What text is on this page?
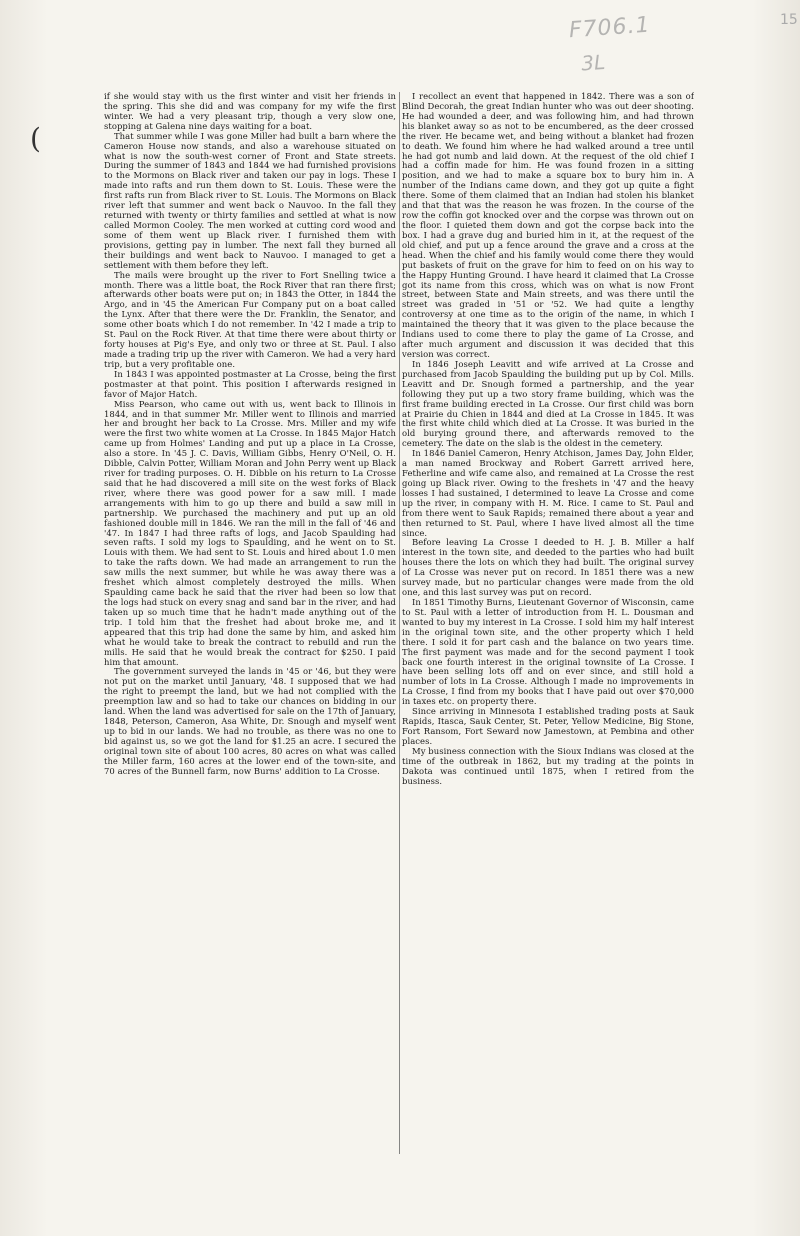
F706.1
3L
15
(

if she would stay with us the first winter and visit her friends in the spring. This she did and was company for my wife the first winter. We had a very pleasant trip, though a very slow one, stopping at Galena nine days waiting for a boat.

That summer while I was gone Miller had built a barn where the Cameron House now stands, and also a warehouse situated on what is now the south-west corner of Front and State streets. During the summer of 1843 and 1844 we had furnished provisions to the Mormons on Black river and taken our pay in logs. These I made into rafts and run them down to St. Louis. These were the first rafts run from Black river to St. Louis. The Mormons on Black river left that summer and went back o Nauvoo. In the fall they returned with twenty or thirty families and settled at what is now called Mormon Cooley. The men worked at cutting cord wood and some of them went up Black river. I furnished them with provisions, getting pay in lumber. The next fall they burned all their buildings and went back to Nauvoo. I managed to get a settlement with them before they left.

The mails were brought up the river to Fort Snelling twice a month. There was a little boat, the Rock River that ran there first; afterwards other boats were put on; in 1843 the Otter, in 1844 the Argo, and in '45 the American Fur Company put on a boat called the Lynx. After that there were the Dr. Franklin, the Senator, and some other boats which I do not remember. In '42 I made a trip to St. Paul on the Rock River. At that time there were about thirty or forty houses at Pig's Eye, and only two or three at St. Paul. I also made a trading trip up the river with Cameron. We had a very hard trip, but a very profitable one.

In 1843 I was appointed postmaster at La Crosse, being the first postmaster at that point. This position I afterwards resigned in favor of Major Hatch.

Miss Pearson, who came out with us, went back to Illinois in 1844, and in that summer Mr. Miller went to Illinois and married her and brought her back to La Crosse. Mrs. Miller and my wife were the first two white women at La Crosse. In 1845 Major Hatch came up from Holmes' Landing and put up a place in La Crosse, also a store. In '45 J. C. Davis, William Gibbs, Henry O'Neil, O. H. Dibble, Calvin Potter, William Moran and John Perry went up Black river for trading purposes. O. H. Dibble on his return to La Crosse said that he had discovered a mill site on the west forks of Black river, where there was good power for a saw mill. I made arrangements with him to go up there and build a saw mill in partnership. We purchased the machinery and put up an old fashioned double mill in 1846. We ran the mill in the fall of '46 and '47. In 1847 I had three rafts of logs, and Jacob Spaulding had seven rafts. I sold my logs to Spaulding, and he went on to St. Louis with them. We had sent to St. Louis and hired about 1.0 men to take the rafts down. We had made an arrangement to run the saw mills the next summer, but while he was away there was a freshet which almost completely destroyed the mills. When Spaulding came back he said that the river had been so low that the logs had stuck on every snag and sand bar in the river, and had taken up so much time that he hadn't made anything out of the trip. I told him that the freshet had about broke me, and it appeared that this trip had done the same by him, and asked him what he would take to break the contract to rebuild and run the mills. He said that he would break the contract for $250. I paid him that amount.

The government surveyed the lands in '45 or '46, but they were not put on the market until January, '48. I supposed that we had the right to preempt the land, but we had not complied with the preemption law and so had to take our chances on bidding in our land. When the land was advertised for sale on the 17th of January, 1848, Peterson, Cameron, Asa White, Dr. Snough and myself went up to bid in our lands. We had no trouble, as there was no one to bid against us, so we got the land for $1.25 an acre. I secured the original town site of about 100 acres, 80 acres on what was called the Miller farm, 160 acres at the lower end of the town-site, and 70 acres of the Bunnell farm, now Burns' addition to La Crosse.

I recollect an event that happened in 1842. There was a son of Blind Decorah, the great Indian hunter who was out deer shooting. He had wounded a deer, and was following him, and had thrown his blanket away so as not to be encumbered, as the deer crossed the river. He became wet, and being without a blanket had frozen to death. We found him where he had walked around a tree until he had got numb and laid down. At the request of the old chief I had a coffin made for him. He was found frozen in a sitting position, and we had to make a square box to bury him in. A number of the Indians came down, and they got up quite a fight there. Some of them claimed that an Indian had stolen his blanket and that that was the reason he was frozen. In the course of the row the coffin got knocked over and the corpse was thrown out on the floor. I quieted them down and got the corpse back into the box. I had a grave dug and buried him in it, at the request of the old chief, and put up a fence around the grave and a cross at the head. When the chief and his family would come there they would put baskets of fruit on the grave for him to feed on on his way to the Happy Hunting Ground. I have heard it claimed that La Crosse got its name from this cross, which was on what is now Front street, between State and Main streets, and was there until the street was graded in '51 or '52. We had quite a lengthy controversy at one time as to the origin of the name, in which I maintained the theory that it was given to the place because the Indians used to come there to play the game of La Crosse, and after much argument and discussion it was decided that this version was correct.

In 1846 Joseph Leavitt and wife arrived at La Crosse and purchased from Jacob Spaulding the building put up by Col. Mills. Leavitt and Dr. Snough formed a partnership, and the year following they put up a two story frame building, which was the first frame building erected in La Crosse. Our first child was born at Prairie du Chien in 1844 and died at La Crosse in 1845. It was the first white child which died at La Crosse. It was buried in the old burying ground there, and afterwards removed to the cemetery. The date on the slab is the oldest in the cemetery.

In 1846 Daniel Cameron, Henry Atchison, James Day, John Elder, a man named Brockway and Robert Garrett arrived here, Fetherline and wife came also, and remained at La Crosse the rest going up Black river. Owing to the freshets in '47 and the heavy losses I had sustained, I determined to leave La Crosse and come up the river, in company with H. M. Rice. I came to St. Paul and from there went to Sauk Rapids; remained there about a year and then returned to St. Paul, where I have lived almost all the time since.

Before leaving La Crosse I deeded to H. J. B. Miller a half interest in the town site, and deeded to the parties who had built houses there the lots on which they had built. The original survey of La Crosse was never put on record. In 1851 there was a new survey made, but no particular changes were made from the old one, and this last survey was put on record.

In 1851 Timothy Burns, Lieutenant Governor of Wisconsin, came to St. Paul with a letter of introduction from H. L. Dousman and wanted to buy my interest in La Crosse. I sold him my half interest in the original town site, and the other property which I held there. I sold it for part cash and the balance on two years time. The first payment was made and for the second payment I took back one fourth interest in the original townsite of La Crosse. I have been selling lots off and on ever since, and still hold a number of lots in La Crosse. Although I made no improvements in La Crosse, I find from my books that I have paid out over $70,000 in taxes etc. on property there.

Since arriving in Minnesota I established trading posts at Sauk Rapids, Itasca, Sauk Center, St. Peter, Yellow Medicine, Big Stone, Fort Ransom, Fort Seward now Jamestown, at Pembina and other places.

My business connection with the Sioux Indians was closed at the time of the outbreak in 1862, but my trading at the points in Dakota was continued until 1875, when I retired from the business.
